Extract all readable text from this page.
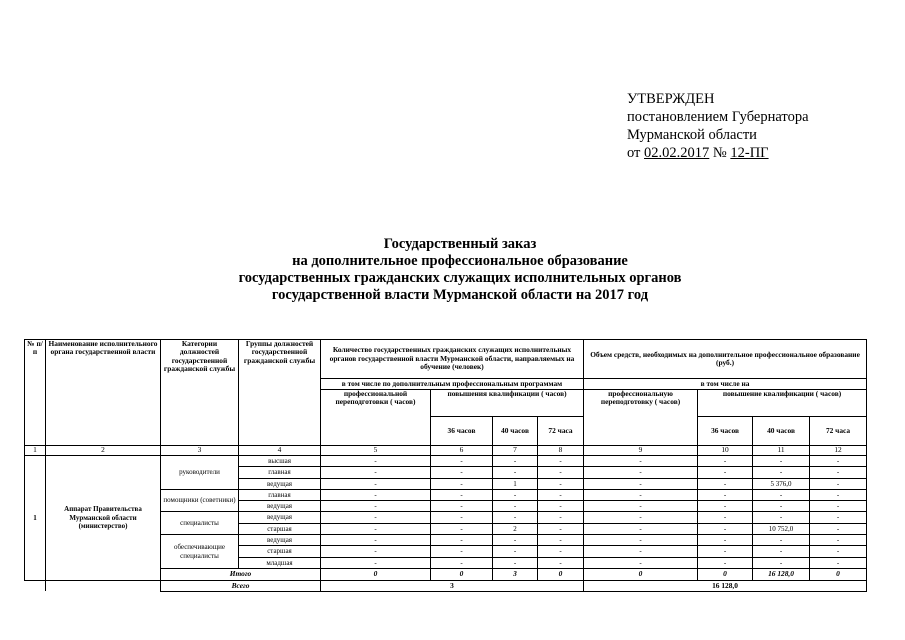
УТВЕРЖДЕН
постановлением Губернатора
Мурманской области
от 02.02.2017 № 12-ПГ
Государственный заказ
на дополнительное профессиональное образование
государственных гражданских служащих исполнительных органов
государственной власти Мурманской области на 2017 год
№ п/п	Наименование исполнительного органа государственной власти	Категории должностей государственной гражданской службы	Группы должностей государственной гражданской службы	Количество государственных гражданских служащих исполнительных органов государственной власти Мурманской области, направляемых на обучение (человек)				Объем средств, необходимых на дополнительное профессиональное образование (руб.)			
				в том числе по дополнительным профессиональным программам				в том числе на			
				профессиональной переподготовки ( часов)	повышения квалификации ( часов)			профессиональную переподготовку ( часов)	повышение квалификации ( часов)		
					36 часов	40 часов	72 часа		36 часов	40 часов	72 часа
1	2	3	4	5	6	7	8	9	10	11	12
1	Аппарат Правительства Мурманской области (министерство)	руководители	высшая	-	-	-	-	-	-	-	-
			главная	-	-	-	-	-	-	-	-
			ведущая	-	-	1	-	-	-	5 376,0	-
		помощники (советники)	главная	-	-	-	-	-	-	-	-
			ведущая	-	-	-	-	-	-	-	-
		специалисты	ведущая	-	-	-	-	-	-	-	-
			старшая	-	-	2	-	-	-	10 752,0	-
		обеспечивающие специалисты	ведущая	-	-	-	-	-	-	-	-
			старшая	-	-	-	-	-	-	-	-
			младшая	-	-	-	-	-	-	-	-
		Итого		0	0	3	0	0	0	16 128,0	0
		Всего		3				16 128,0			
